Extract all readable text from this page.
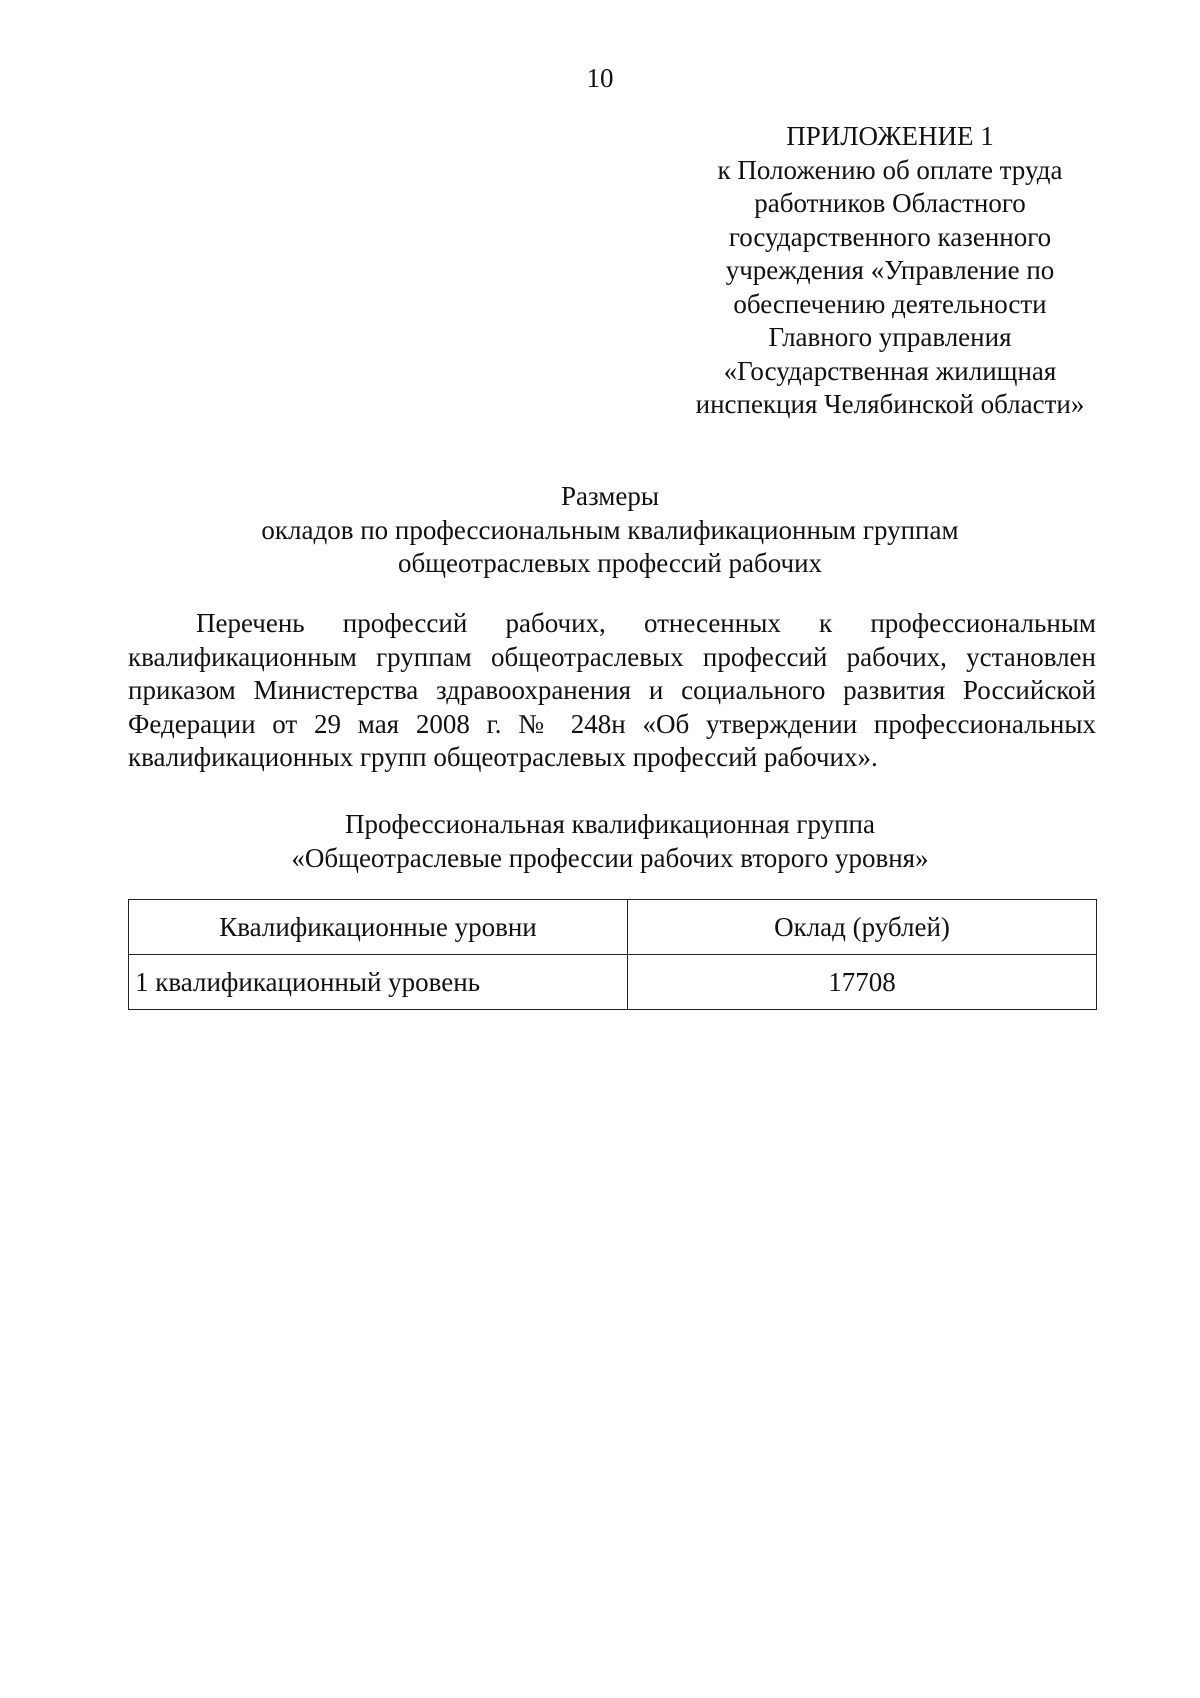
10
ПРИЛОЖЕНИЕ 1
к Положению об оплате труда
работников Областного
государственного казенного
учреждения «Управление по
обеспечению деятельности
Главного управления
«Государственная жилищная
инспекция Челябинской области»
Размеры
окладов по профессиональным квалификационным группам
общеотраслевых профессий рабочих

Перечень профессий рабочих, отнесенных к профессиональным квалификационным группам общеотраслевых профессий рабочих, установлен приказом Министерства здравоохранения и социального развития Российской Федерации от 29 мая 2008 г. № 248н «Об утверждении профессиональных квалификационных групп общеотраслевых профессий рабочих».

Профессиональная квалификационная группа
«Общеотраслевые профессии рабочих второго уровня»
Квалификационные уровни	Оклад (рублей)
1 квалификационный уровень	17708
